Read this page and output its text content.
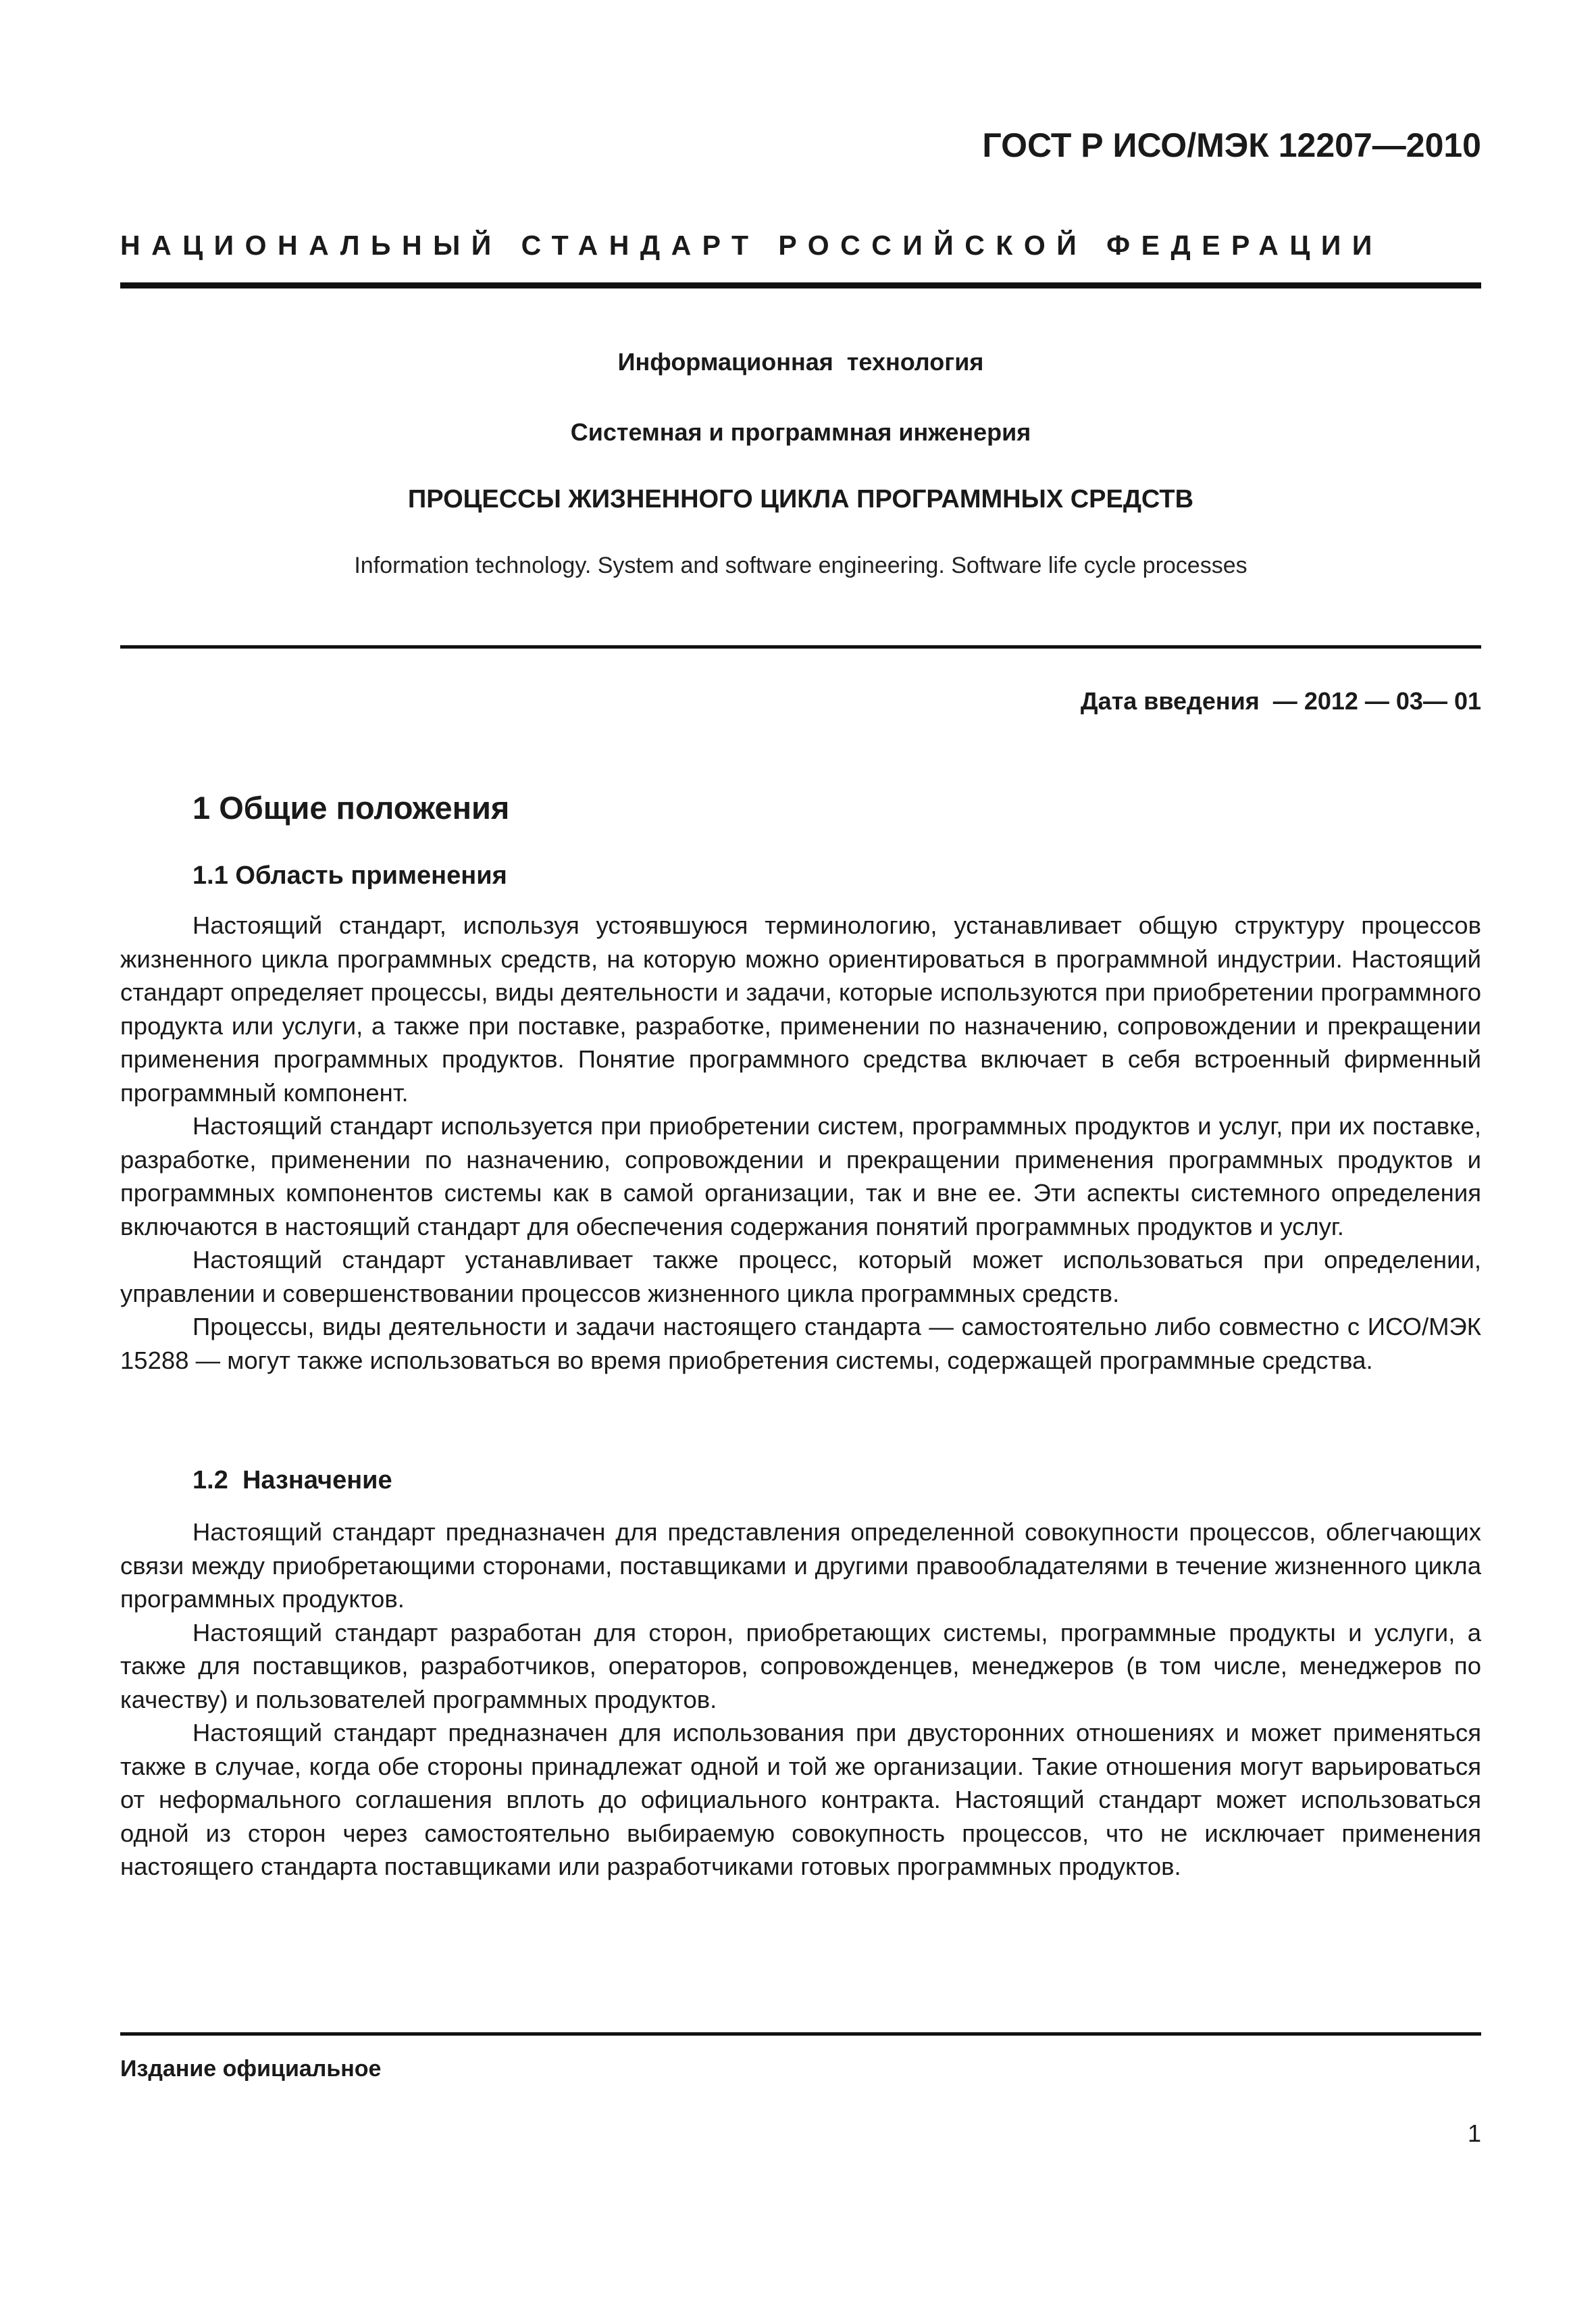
ГОСТ Р ИСО/МЭК 12207—2010
НАЦИОНАЛЬНЫЙ СТАНДАРТ РОССИЙСКОЙ ФЕДЕРАЦИИ
Информационная  технология
Системная и программная инженерия
ПРОЦЕССЫ ЖИЗНЕННОГО ЦИКЛА ПРОГРАММНЫХ СРЕДСТВ
Information technology. System and software engineering. Software life cycle processes
Дата введения  — 2012 — 03— 01
1 Общие положения
1.1 Область применения

Настоящий стандарт, используя устоявшуюся терминологию, устанавливает общую структуру процессов жизненного цикла программных средств, на которую можно ориентироваться в программной индустрии. Настоящий стандарт определяет процессы, виды деятельности и задачи, которые используются при приобретении программного продукта или услуги, а также при поставке, разработке, применении по назначению, сопровождении и прекращении применения программных продуктов. Понятие программного средства включает в себя встроенный фирменный программный компонент.

Настоящий стандарт используется при приобретении систем, программных продуктов и услуг, при их поставке, разработке, применении по назначению, сопровождении и прекращении применения программных продуктов и программных компонентов системы как в самой организации, так и вне ее. Эти аспекты системного определения включаются в настоящий стандарт для обеспечения содержания понятий программных продуктов и услуг.

Настоящий стандарт устанавливает также процесс, который может использоваться при определении, управлении и совершенствовании процессов жизненного цикла программных средств.

Процессы, виды деятельности и задачи настоящего стандарта — самостоятельно либо совместно с ИСО/МЭК 15288 — могут также использоваться во время приобретения системы, содержащей программные средства.

1.2  Назначение

Настоящий стандарт предназначен для представления определенной совокупности процессов, облегчающих связи между приобретающими сторонами, поставщиками и другими правообладателями в течение жизненного цикла программных продуктов.

Настоящий стандарт разработан для сторон, приобретающих системы, программные продукты и услуги, а также для поставщиков, разработчиков, операторов, сопровожденцев, менеджеров (в том числе, менеджеров по качеству) и пользователей программных продуктов.

Настоящий стандарт предназначен для использования при двусторонних отношениях и может применяться также в случае, когда обе стороны принадлежат одной и той же организации. Такие отношения могут варьироваться от неформального соглашения вплоть до официального контракта. Настоящий стандарт может использоваться одной из сторон через самостоятельно выбираемую совокупность процессов, что не исключает применения настоящего стандарта поставщиками или разработчиками готовых программных продуктов.

Издание официальное
1
